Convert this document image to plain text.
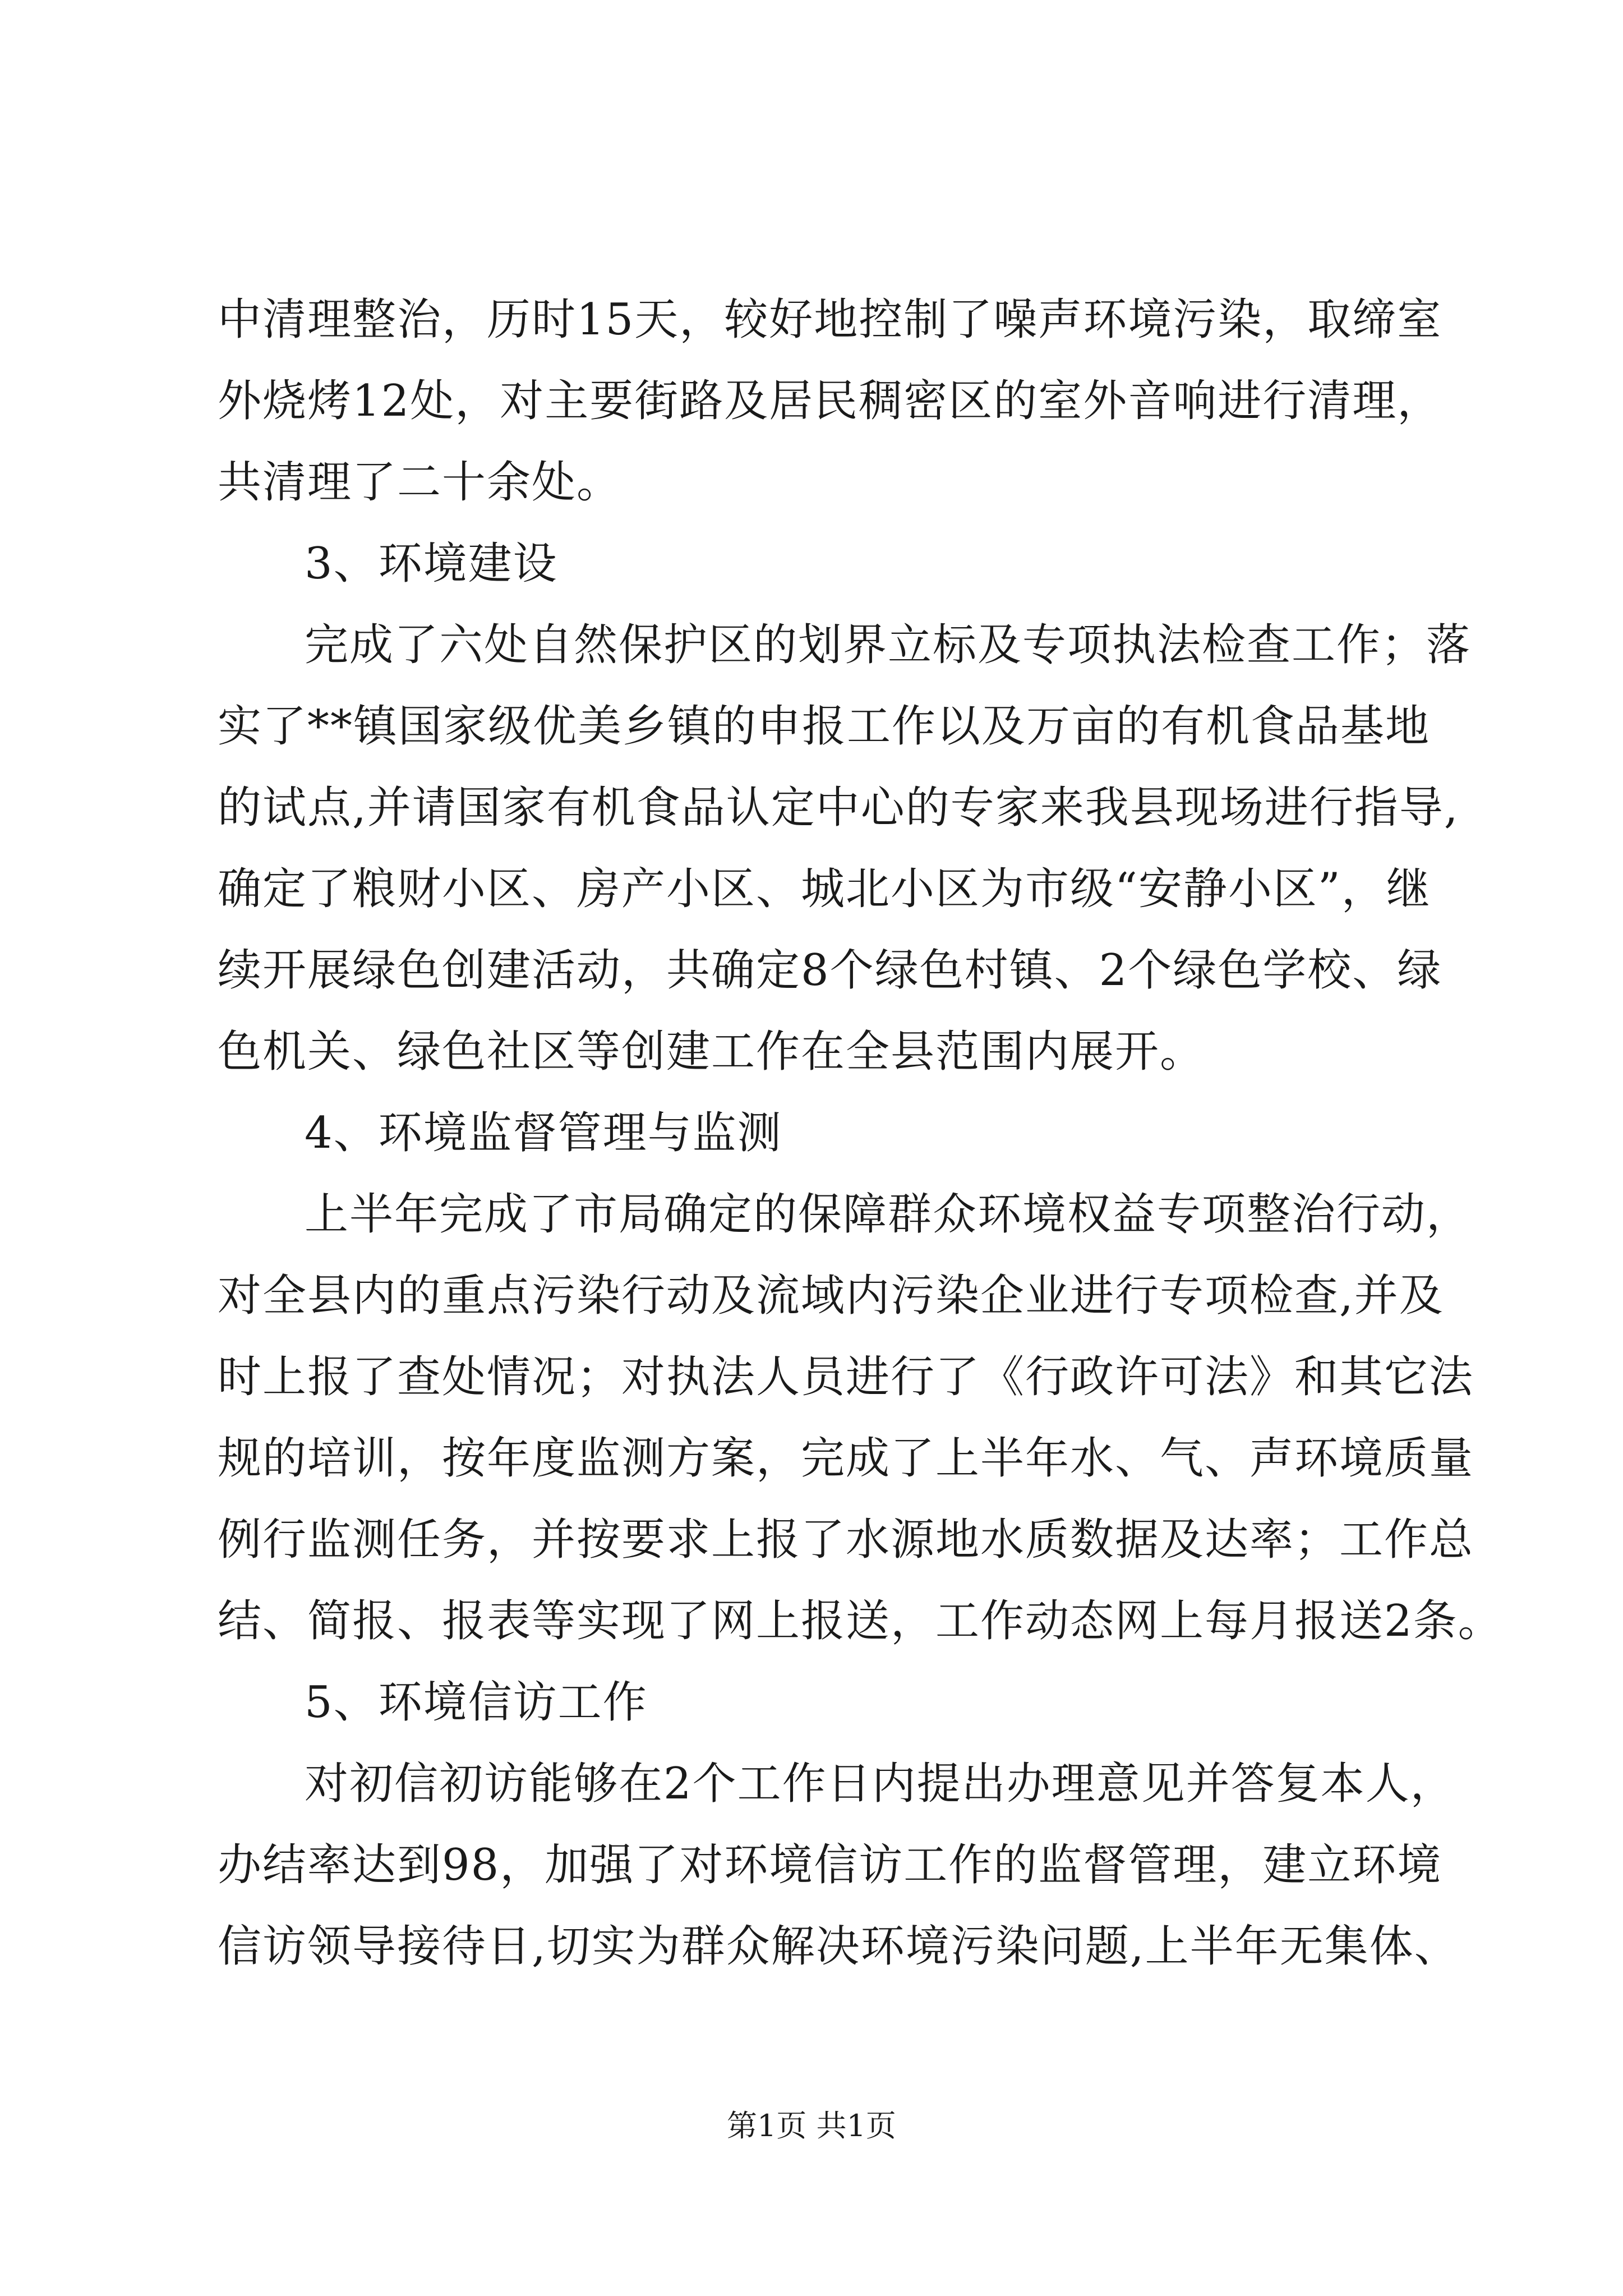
中清理整治，历时15天，较好地控制了噪声环境污染，取缔室
外烧烤12处，对主要街路及居民稠密区的室外音响进行清理，
共清理了二十余处。
3、环境建设
完成了六处自然保护区的划界立标及专项执法检查工作；落
实了**镇国家级优美乡镇的申报工作以及万亩的有机食品基地
的试点,并请国家有机食品认定中心的专家来我县现场进行指导,
确定了粮财小区、房产小区、城北小区为市级“安静小区”，继
续开展绿色创建活动，共确定8个绿色村镇、2个绿色学校、绿
色机关、绿色社区等创建工作在全县范围内展开。
4、环境监督管理与监测
上半年完成了市局确定的保障群众环境权益专项整治行动，
对全县内的重点污染行动及流域内污染企业进行专项检查,并及
时上报了查处情况；对执法人员进行了《行政许可法》和其它法
规的培训，按年度监测方案，完成了上半年水、气、声环境质量
例行监测任务，并按要求上报了水源地水质数据及达率；工作总
结、简报、报表等实现了网上报送，工作动态网上每月报送2条。
5、环境信访工作
对初信初访能够在2个工作日内提出办理意见并答复本人，
办结率达到98，加强了对环境信访工作的监督管理，建立环境
信访领导接待日,切实为群众解决环境污染问题,上半年无集体、
第1页 共1页
